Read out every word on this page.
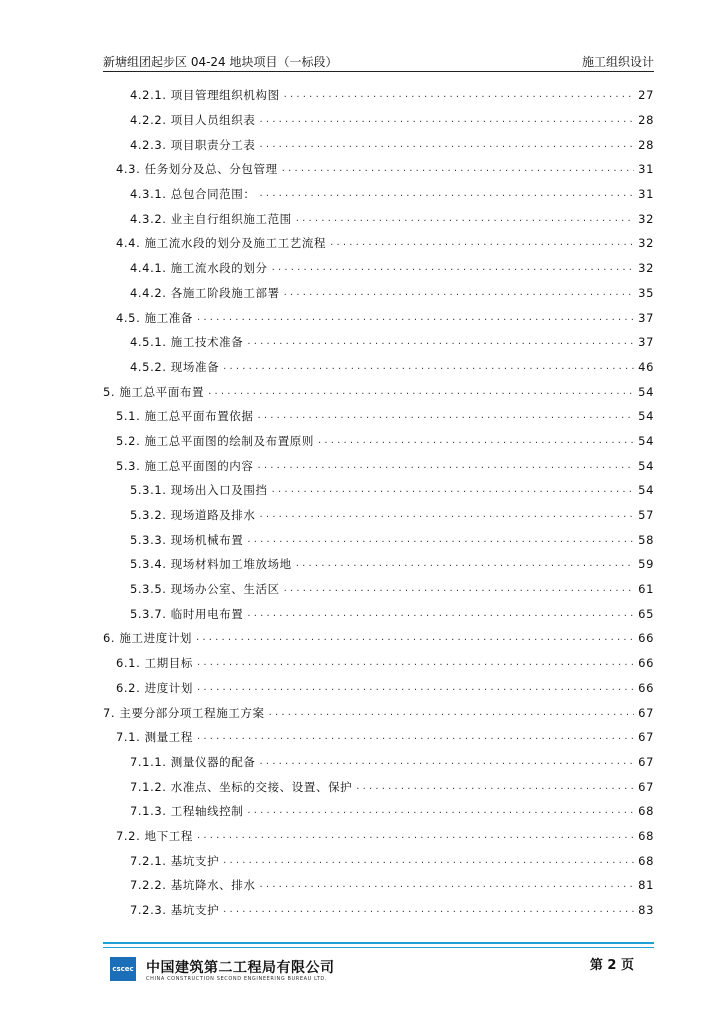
新塘组团起步区 04-24 地块项目（一标段）	施工组织设计
4.2.1. 项目管理组织机构图 .....	27
4.2.2. 项目人员组织表 .....	28
4.2.3. 项目职责分工表 .....	28
4.3. 任务划分及总、分包管理 .....	31
4.3.1. 总包合同范围： .....	31
4.3.2. 业主自行组织施工范围 .....	32
4.4. 施工流水段的划分及施工工艺流程 .....	32
4.4.1. 施工流水段的划分 .....	32
4.4.2. 各施工阶段施工部署 .....	35
4.5. 施工准备 .....	37
4.5.1. 施工技术准备 .....	37
4.5.2. 现场准备 .....	46
5. 施工总平面布置 .....	54
5.1. 施工总平面布置依据 .....	54
5.2. 施工总平面图的绘制及布置原则 .....	54
5.3. 施工总平面图的内容 .....	54
5.3.1. 现场出入口及围挡 .....	54
5.3.2. 现场道路及排水 .....	57
5.3.3. 现场机械布置 .....	58
5.3.4. 现场材料加工堆放场地 .....	59
5.3.5. 现场办公室、生活区 .....	61
5.3.7. 临时用电布置 .....	65
6. 施工进度计划 .....	66
6.1. 工期目标 .....	66
6.2. 进度计划 .....	66
7. 主要分部分项工程施工方案 .....	67
7.1. 测量工程 .....	67
7.1.1. 测量仪器的配备 .....	67
7.1.2. 水准点、坐标的交接、设置、保护 .....	67
7.1.3. 工程轴线控制 .....	68
7.2. 地下工程 .....	68
7.2.1. 基坑支护 .....	68
7.2.2. 基坑降水、排水 .....	81
7.2.3. 基坑支护 .....	83
cscec 中国建筑第二工程局有限公司
CHINA CONSTRUCTION SECOND ENGINEERING BUREAU LTD.
第 2 页
